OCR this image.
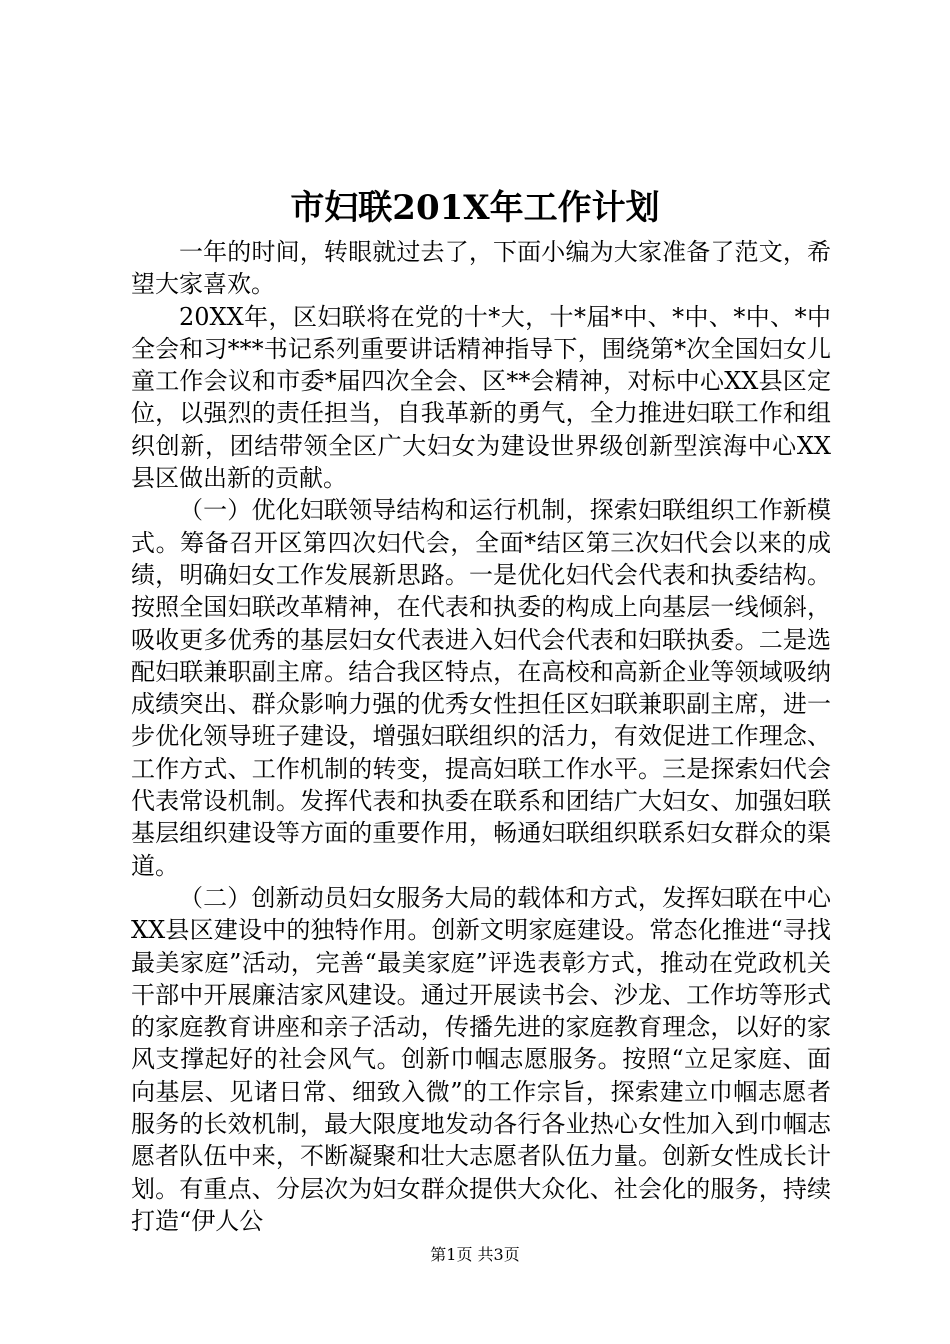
市妇联201X年工作计划

一年的时间，转眼就过去了，下面小编为大家准备了范文，希望大家喜欢。

20XX年，区妇联将在党的十*大，十*届*中、*中、*中、*中全会和习***书记系列重要讲话精神指导下，围绕第*次全国妇女儿童工作会议和市委*届四次全会、区**会精神，对标中心XX县区定位，以强烈的责任担当，自我革新的勇气，全力推进妇联工作和组织创新，团结带领全区广大妇女为建设世界级创新型滨海中心XX县区做出新的贡献。

（一）优化妇联领导结构和运行机制，探索妇联组织工作新模式。筹备召开区第四次妇代会，全面*结区第三次妇代会以来的成绩，明确妇女工作发展新思路。一是优化妇代会代表和执委结构。按照全国妇联改革精神，在代表和执委的构成上向基层一线倾斜，吸收更多优秀的基层妇女代表进入妇代会代表和妇联执委。二是选配妇联兼职副主席。结合我区特点，在高校和高新企业等领域吸纳成绩突出、群众影响力强的优秀女性担任区妇联兼职副主席，进一步优化领导班子建设，增强妇联组织的活力，有效促进工作理念、工作方式、工作机制的转变，提高妇联工作水平。三是探索妇代会代表常设机制。发挥代表和执委在联系和团结广大妇女、加强妇联基层组织建设等方面的重要作用，畅通妇联组织联系妇女群众的渠道。

（二）创新动员妇女服务大局的载体和方式，发挥妇联在中心XX县区建设中的独特作用。创新文明家庭建设。常态化推进“寻找最美家庭”活动，完善“最美家庭”评选表彰方式，推动在党政机关干部中开展廉洁家风建设。通过开展读书会、沙龙、工作坊等形式的家庭教育讲座和亲子活动，传播先进的家庭教育理念，以好的家风支撑起好的社会风气。创新巾帼志愿服务。按照“立足家庭、面向基层、见诸日常、细致入微”的工作宗旨，探索建立巾帼志愿者服务的长效机制，最大限度地发动各行各业热心女性加入到巾帼志愿者队伍中来，不断凝聚和壮大志愿者队伍力量。创新女性成长计划。有重点、分层次为妇女群众提供大众化、社会化的服务，持续打造“伊人公

第1页 共3页
